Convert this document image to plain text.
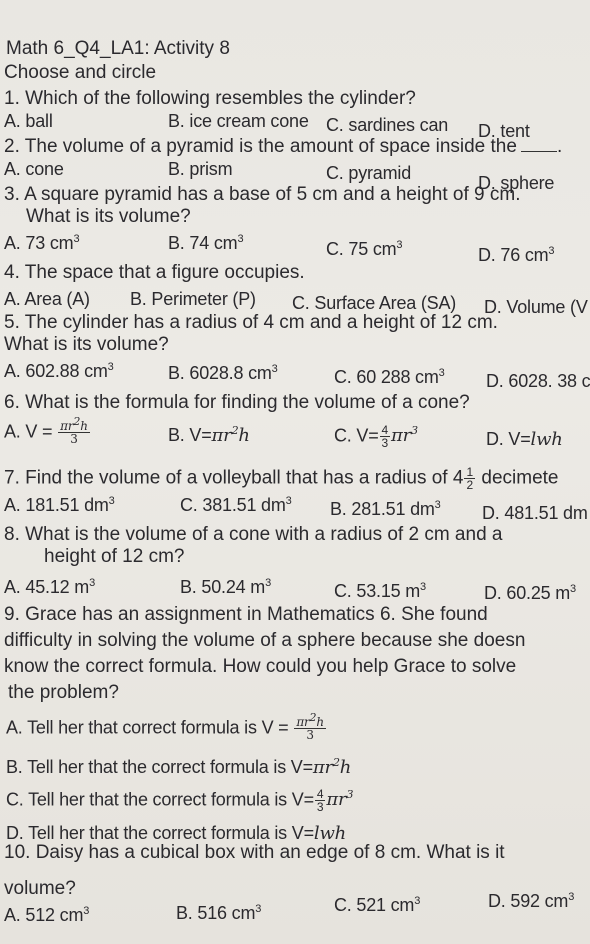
Math 6_Q4_LA1: Activity 8
Choose and circle
1. Which of the following resembles the cylinder?
A. ball	B. ice cream cone C. sardines can D. tent
2. The volume of a pyramid is the amount of space inside the .
A. cone	B. prism	C. pyramid	D. sphere
3. A square pyramid has a base of 5 cm and a height of 9 cm.
What is its volume?
A. 73 $cm^3$	B. 74 $cm^3$	C. 75 $cm^3$	D. 76 $cm^3$
4. The space that a figure occupies.
A. Area (A) B. Perimeter (P) C. Surface Area (SA) D. Volume (V
5. The cylinder has a radius of 4 cm and a height of 12 cm.
What is its volume?
A. 602.88 $cm^3$	B. 6028.8 $cm^3$	C. 60 288 $cm^3$ D. 6028. 38 c
6. What is the formula for finding the volume of a cone?
A. $V = \frac{\pi r^2h}{3}$	B. $V=\pi r^2h$	C. $V= \frac{4}{3} \pi r^3$	D. V=lwh
7. Find the volume of a volleyball that has a radius of $4 \frac{1}{2}$ decimete
A. 181.51 $dm^3$	C. 381.51 $dm^3$ B. 281.51 $dm^3$ D. 481.51 dm
8. What is the volume of a cone with a radius of 2 cm and a
height of 12 cm?
A. 45.12 $m^3$	B. 50.24 $m^3$	C. 53.15 $m^3$	D. 60.25 $m^3$
9. Grace has an assignment in Mathematics 6. She found
difficulty in solving the volume of a sphere because she doesn
know the correct formula. How could you help Grace to solve
the problem?
A. Tell her that correct formula is $V = \frac{\pi r^2h}{3}$
B. Tell her that the correct formula is $V=\pi r^2h$
C. Tell her that the correct formula is $V= \frac{4}{3} \pi r^3$
D. Tell her that the correct formula is V=lwh
10. Daisy has a cubical box with an edge of 8 cm. What is it
volume?
A. 512 $cm^3$	B. 516 $cm^3$	C. 521 $cm^3$	D. 592 $cm^3$
